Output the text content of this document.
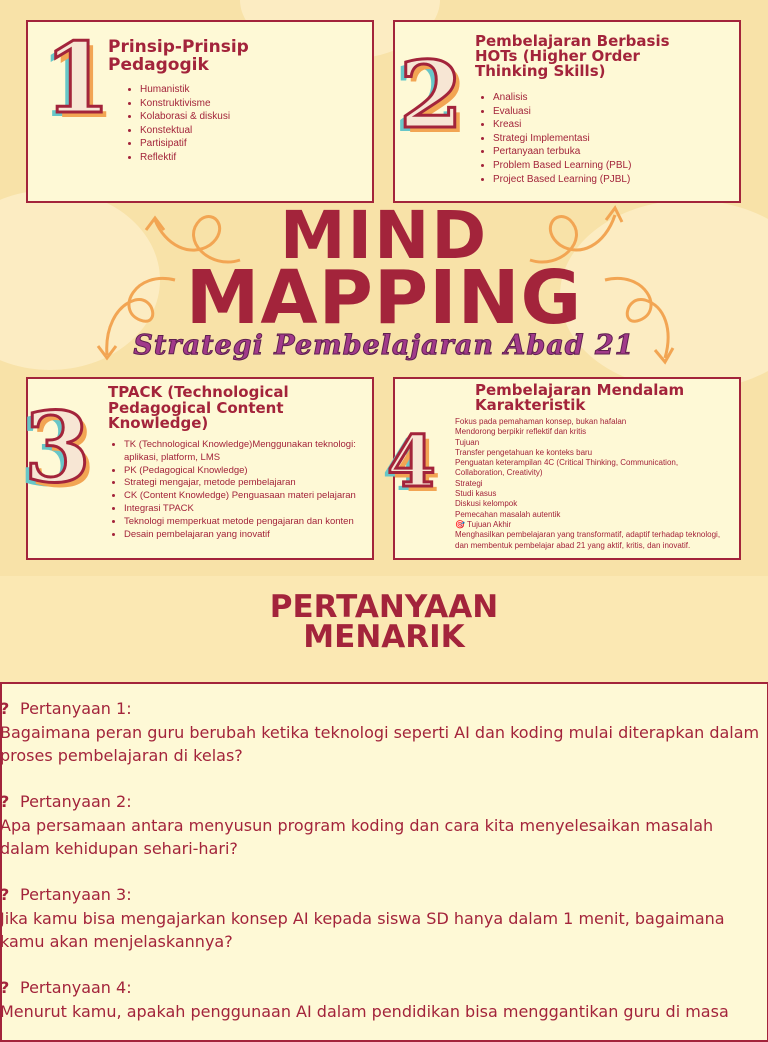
1
Prinsip-Prinsip
Pedagogik
• Humanistik
• Konstruktivisme
• Kolaborasi & diskusi
• Konstektual
• Partisipatif
• Reflektif
2 Pembelajaran Berbasis
HOTs (Higher Order
Thinking Skills)
• Analisis
• Evaluasi
• Kreasi
• Strategi Implementasi
• Pertanyaan terbuka
• Problem Based Learning (PBL)
• Project Based Learning (PJBL)
MIND
MAPPING
Strategi Pembelajaran Abad 21
3 TPACK (Technological
Pedagogical Content
Knowledge)
• TK (Technological Knowledge)Menggunakan teknologi: aplikasi, platform, LMS
• PK (Pedagogical Knowledge)
• Strategi mengajar, metode pembelajaran
• CK (Content Knowledge) Penguasaan materi pelajaran
• Integrasi TPACK
• Teknologi memperkuat metode pengajaran dan konten
• Desain pembelajaran yang inovatif
4
Pembelajaran Mendalam
Karakteristik
Fokus pada pemahaman konsep, bukan hafalan
Mendorong berpikir reflektif dan kritis
Tujuan
Transfer pengetahuan ke konteks baru
Penguatan keterampilan 4C (Critical Thinking, Communication,
Collaboration, Creativity)
Strategi
Studi kasus
Diskusi kelompok
Pemecahan masalah autentik
🎯 Tujuan Akhir
Menghasilkan pembelajaran yang transformatif, adaptif terhadap teknologi,
dan membentuk pembelajar abad 21 yang aktif, kritis, dan inovatif.
PERTANYAAN
MENARIK
? Pertanyaan 1:
Bagaimana peran guru berubah ketika teknologi seperti AI dan koding mulai diterapkan dalam proses pembelajaran di kelas?
? Pertanyaan 2:
Apa persamaan antara menyusun program koding dan cara kita menyelesaikan masalah dalam kehidupan sehari-hari?
? Pertanyaan 3:
Jika kamu bisa mengajarkan konsep AI kepada siswa SD hanya dalam 1 menit, bagaimana kamu akan menjelaskannya?
? Pertanyaan 4:
Menurut kamu, apakah penggunaan AI dalam pendidikan bisa menggantikan guru di masa
